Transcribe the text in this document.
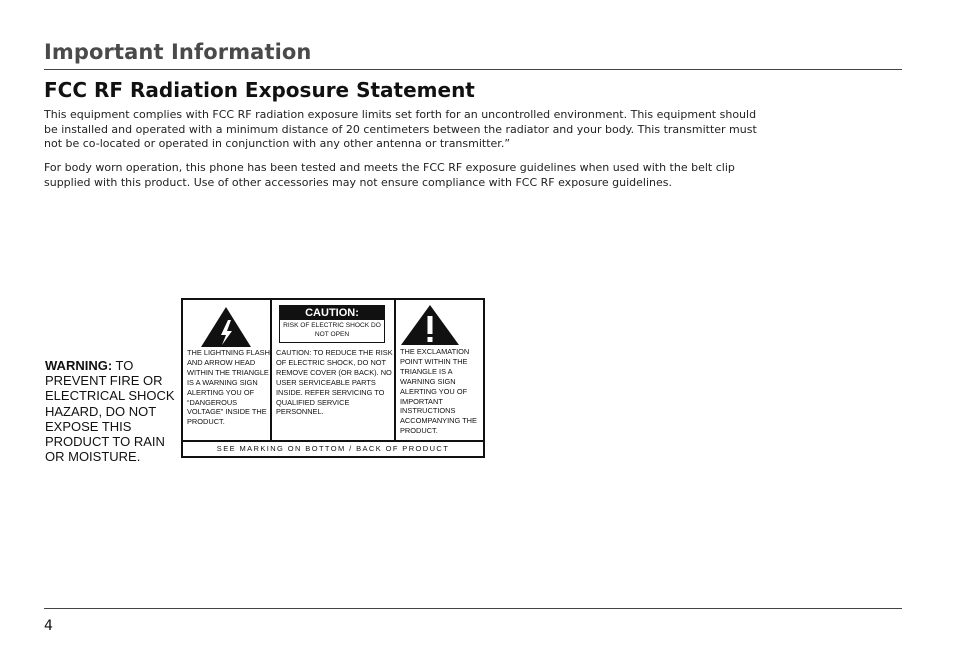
Important Information
FCC RF Radiation Exposure Statement

This equipment complies with FCC RF radiation exposure limits set forth for an uncontrolled environment. This equipment should be installed and operated with a minimum distance of 20 centimeters between the radiator and your body. This transmitter must not be co-located or operated in conjunction with any other antenna or transmitter.”

For body worn operation, this phone has been tested and meets the FCC RF exposure guidelines when used with the belt clip supplied with this product. Use of other accessories may not ensure compliance with FCC RF exposure guidelines.

WARNING: TO PREVENT FIRE OR ELECTRICAL SHOCK HAZARD, DO NOT EXPOSE THIS PRODUCT TO RAIN OR MOISTURE.

THE LIGHTNING FLASH AND ARROW HEAD WITHIN THE TRIANGLE IS A WARNING SIGN ALERTING YOU OF “DANGEROUS VOLTAGE” INSIDE THE PRODUCT.
CAUTION:
RISK OF ELECTRIC SHOCK DO NOT OPEN
CAUTION: TO REDUCE THE RISK OF ELECTRIC SHOCK, DO NOT REMOVE COVER (OR BACK). NO USER SERVICEABLE PARTS INSIDE. REFER SERVICING TO QUALIFIED SERVICE PERSONNEL.
THE EXCLAMATION POINT WITHIN THE TRIANGLE IS A WARNING SIGN ALERTING YOU OF IMPORTANT INSTRUCTIONS ACCOMPANYING THE PRODUCT.
SEE MARKING ON BOTTOM / BACK OF PRODUCT

4
